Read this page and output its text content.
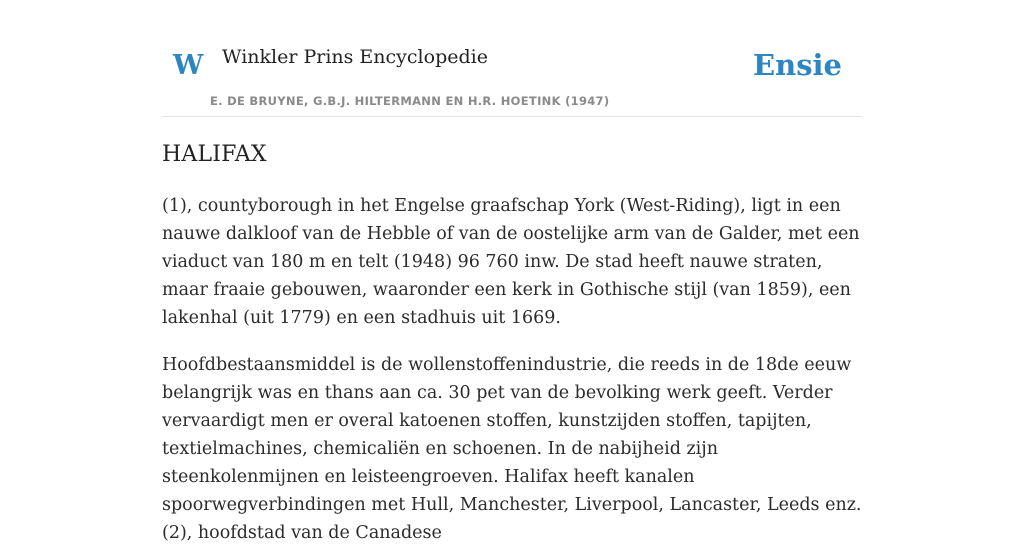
W Winkler Prins Encyclopedie
E. DE BRUYNE, G.B.J. HILTERMANN EN H.R. HOETINK (1947)
Ensie
HALIFAX

(1), countyborough in het Engelse graafschap York (West-Riding), ligt in een nauwe dalkloof van de Hebble of van de oostelijke arm van de Galder, met een viaduct van 180 m en telt (1948) 96 760 inw. De stad heeft nauwe straten, maar fraaie gebouwen, waaronder een kerk in Gothische stijl (van 1859), een lakenhal (uit 1779) en een stadhuis uit 1669.

Hoofdbestaansmiddel is de wollenstoffenindustrie, die reeds in de 18de eeuw belangrijk was en thans aan ca. 30 pet van de bevolking werk geeft. Verder vervaardigt men er overal katoenen stoffen, kunstzijden stoffen, tapijten, textielmachines, chemicaliën en schoenen. In de nabijheid zijn steenkolenmijnen en leisteengroeven. Halifax heeft kanalen spoorwegverbindingen met Hull, Manchester, Liverpool, Lancaster, Leeds enz.(2), hoofdstad van de Canadese
